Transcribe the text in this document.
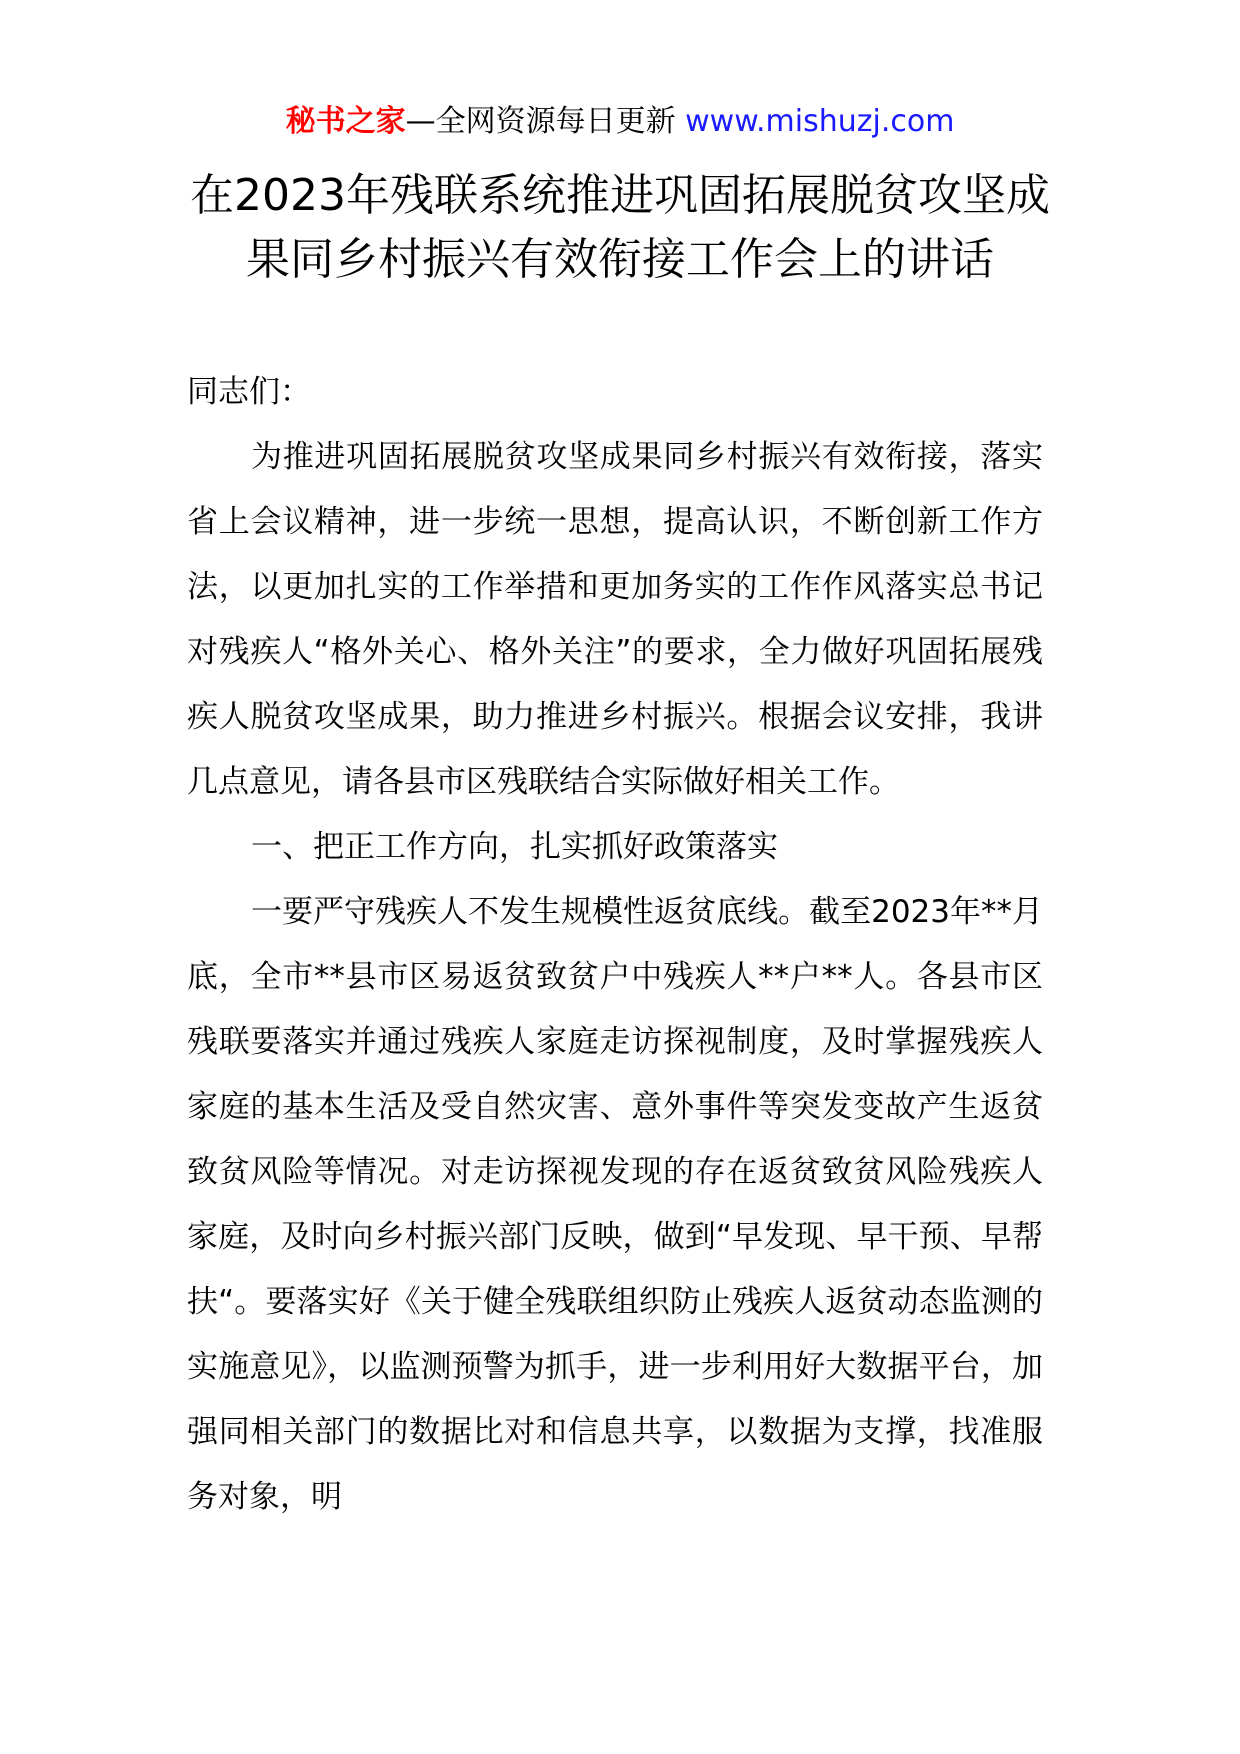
秘书之家—全网资源每日更新 www.mishuzj.com
在2023年残联系统推进巩固拓展脱贫攻坚成果同乡村振兴有效衔接工作会上的讲话

同志们：

为推进巩固拓展脱贫攻坚成果同乡村振兴有效衔接，落实省上会议精神，进一步统一思想，提高认识，不断创新工作方法，以更加扎实的工作举措和更加务实的工作作风落实总书记对残疾人“格外关心、格外关注”的要求，全力做好巩固拓展残疾人脱贫攻坚成果，助力推进乡村振兴。根据会议安排，我讲几点意见，请各县市区残联结合实际做好相关工作。

一、把正工作方向，扎实抓好政策落实

一要严守残疾人不发生规模性返贫底线。截至2023年**月底，全市**县市区易返贫致贫户中残疾人**户**人。各县市区残联要落实并通过残疾人家庭走访探视制度，及时掌握残疾人家庭的基本生活及受自然灾害、意外事件等突发变故产生返贫致贫风险等情况。对走访探视发现的存在返贫致贫风险残疾人家庭，及时向乡村振兴部门反映，做到“早发现、早干预、早帮扶“。要落实好《关于健全残联组织防止残疾人返贫动态监测的实施意见》，以监测预警为抓手，进一步利用好大数据平台，加强同相关部门的数据比对和信息共享，以数据为支撑，找准服务对象，明
